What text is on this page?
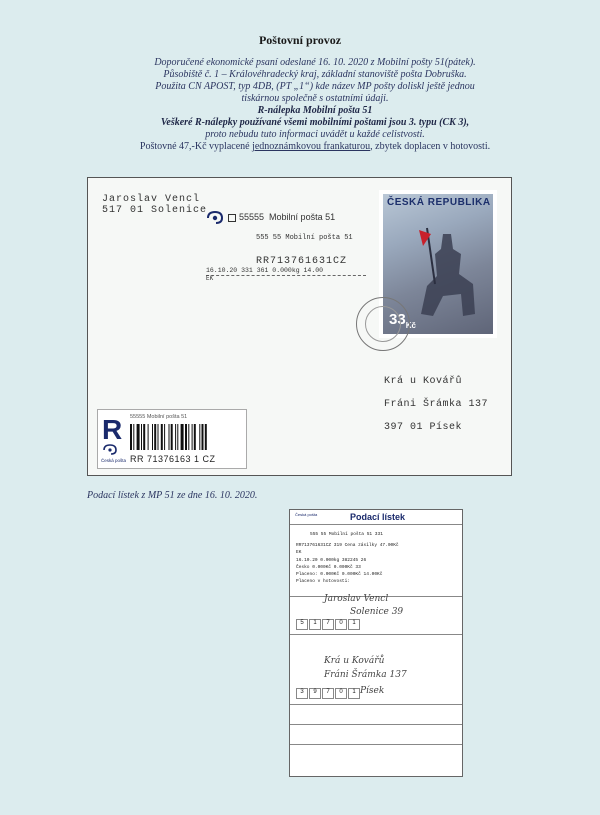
Poštovní provoz
Doporučené ekonomické psaní odeslané 16. 10. 2020 z Mobilní pošty 51(pátek).
Působiště č. 1 – Královéhradecký kraj, základní stanoviště pošta Dobruška.
Použita CN APOST, typ 4DB, (PT „1“) kde název MP pošty doliskl ještě jednou
tiskárnou společně s ostatními údaji.
R-nálepka Mobilní pošta 51
Veškeré R-nálepky používané všemi mobilními poštami jsou 3. typu (CK 3),
proto nebudu tuto informaci uvádět u každé celistvosti.
Poštovné 47,-Kč vyplacené jednoznámkovou frankaturou, zbytek doplacen v hotovosti.
Jaroslav Vencl
517 01 Solenice
55555 Mobilní pošta 51
555 55 Mobilní pošta 51
RR713761631CZ
16.10.20 331 361 0.000kg 14.00
EK
ČESKÁ REPUBLIKA
$33_{Kč}$
Krá u Kovářů
Fráni Šrámka 137
397 01 Písek
R
Česká pošta
55555 Mobilní pošta 51
RR 71376163 1 CZ
Podací lístek z MP 51 ze dne 16. 10. 2020.
Česká pošta	Podací lístek
555 55 Mobilní pošta 51 331
RR713761631CZ 319 Cena zásilky 47.00Kč
EK
16.10.20 0.000kg 382245 26
Česko 0.000Kč 0.000Kč 33
Placeno: 0.000Kč 0.000Kč 14.00Kč
Placeno v hotovosti:
Jaroslav Vencl
Solenice 39
5 1 7 0 1
Krá u Kovářů
Fráni Šrámka 137
3 9 7 0 1 Písek
